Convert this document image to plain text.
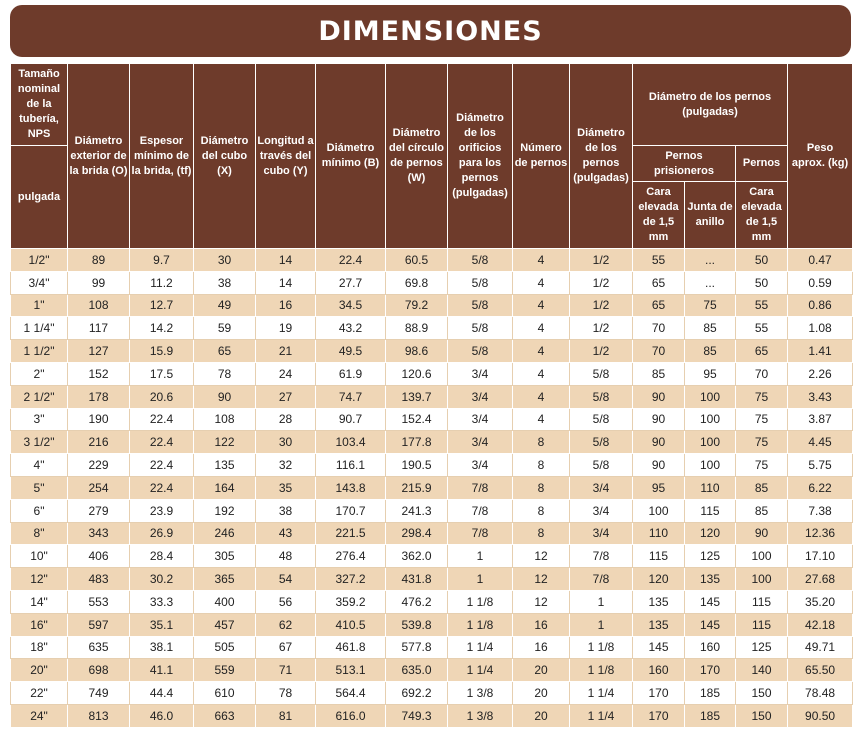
DIMENSIONES
Tamaño nominal de la tubería, NPS	Diámetro exterior de la brida (O)	Espesor mínimo de la brida, (tf)	Diámetro del cubo (X)	Longitud a través del cubo (Y)	Diámetro mínimo (B)	Diámetro del círculo de pernos (W)	Diámetro de los orificios para los pernos (pulgadas)	Número de pernos	Diámetro de los pernos (pulgadas)	Diámetro de los pernos (pulgadas)			Peso aprox. (kg)
pulgada										Pernos prisioneros		Pernos	
										Cara elevada de 1,5 mm	Junta de anillo	Cara elevada de 1,5 mm	
1/2"	89	9.7	30	14	22.4	60.5	5/8	4	1/2	55	...	50	0.47
3/4"	99	11.2	38	14	27.7	69.8	5/8	4	1/2	65	...	50	0.59
1"	108	12.7	49	16	34.5	79.2	5/8	4	1/2	65	75	55	0.86
1 1/4"	117	14.2	59	19	43.2	88.9	5/8	4	1/2	70	85	55	1.08
1 1/2"	127	15.9	65	21	49.5	98.6	5/8	4	1/2	70	85	65	1.41
2"	152	17.5	78	24	61.9	120.6	3/4	4	5/8	85	95	70	2.26
2 1/2"	178	20.6	90	27	74.7	139.7	3/4	4	5/8	90	100	75	3.43
3"	190	22.4	108	28	90.7	152.4	3/4	4	5/8	90	100	75	3.87
3 1/2"	216	22.4	122	30	103.4	177.8	3/4	8	5/8	90	100	75	4.45
4"	229	22.4	135	32	116.1	190.5	3/4	8	5/8	90	100	75	5.75
5"	254	22.4	164	35	143.8	215.9	7/8	8	3/4	95	110	85	6.22
6"	279	23.9	192	38	170.7	241.3	7/8	8	3/4	100	115	85	7.38
8"	343	26.9	246	43	221.5	298.4	7/8	8	3/4	110	120	90	12.36
10"	406	28.4	305	48	276.4	362.0	1	12	7/8	115	125	100	17.10
12"	483	30.2	365	54	327.2	431.8	1	12	7/8	120	135	100	27.68
14"	553	33.3	400	56	359.2	476.2	1 1/8	12	1	135	145	115	35.20
16"	597	35.1	457	62	410.5	539.8	1 1/8	16	1	135	145	115	42.18
18"	635	38.1	505	67	461.8	577.8	1 1/4	16	1 1/8	145	160	125	49.71
20"	698	41.1	559	71	513.1	635.0	1 1/4	20	1 1/8	160	170	140	65.50
22"	749	44.4	610	78	564.4	692.2	1 3/8	20	1 1/4	170	185	150	78.48
24"	813	46.0	663	81	616.0	749.3	1 3/8	20	1 1/4	170	185	150	90.50
